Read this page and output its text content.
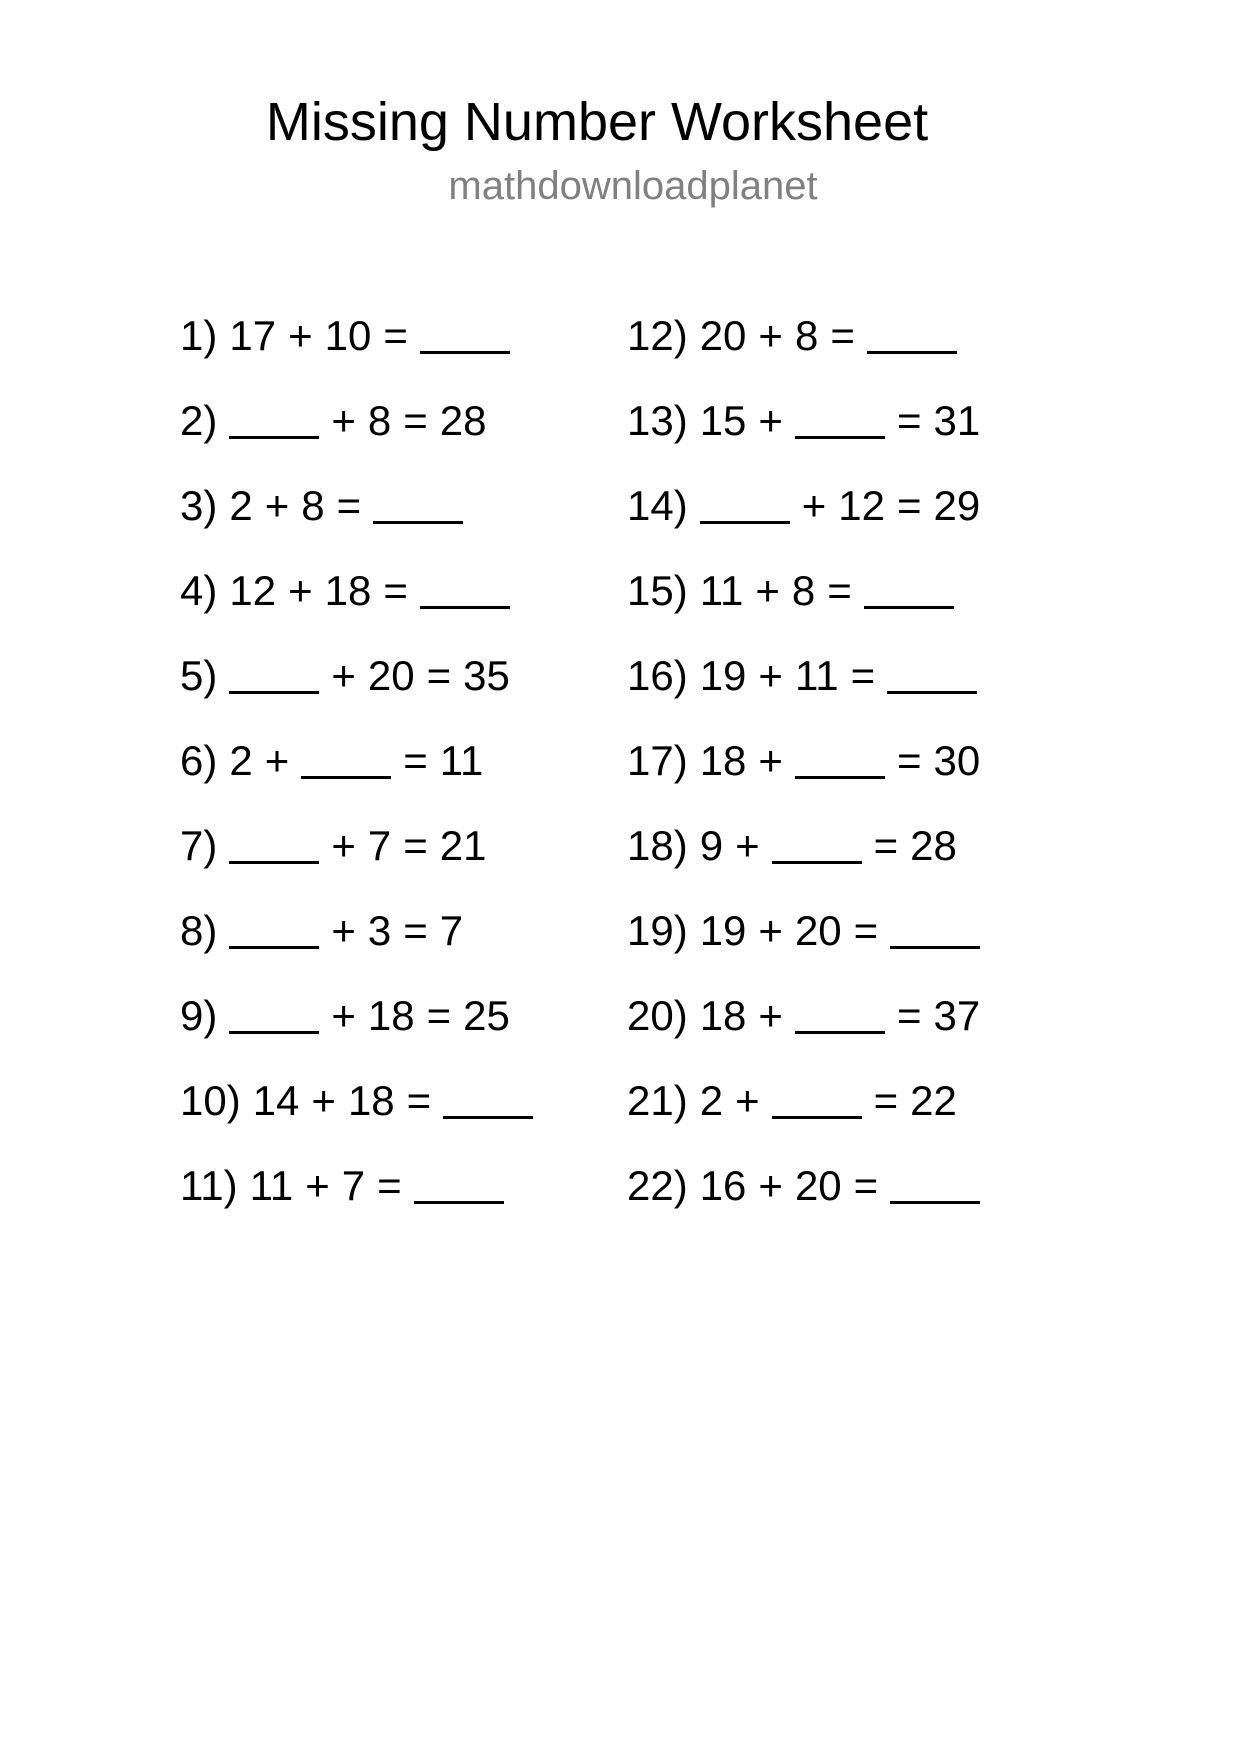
Missing Number Worksheet
mathdownloadplanet
1) 17 + 10 =
2)	+ 8 = 28
3) 2 + 8 =
4) 12 + 18 =
5)	+ 20 = 35
6) 2 +	= 11
7)	+ 7 = 21
8)	+ 3 = 7
9)	+ 18 = 25
10) 14 + 18 =
11) 11 + 7 =
12) 20 + 8 =
13) 15 +	= 31
14)	+ 12 = 29
15) 11 + 8 =
16) 19 + 11 =
17) 18 +	= 30
18) 9 +	= 28
19) 19 + 20 =
20) 18 +	= 37
21) 2 +	= 22
22) 16 + 20 =
